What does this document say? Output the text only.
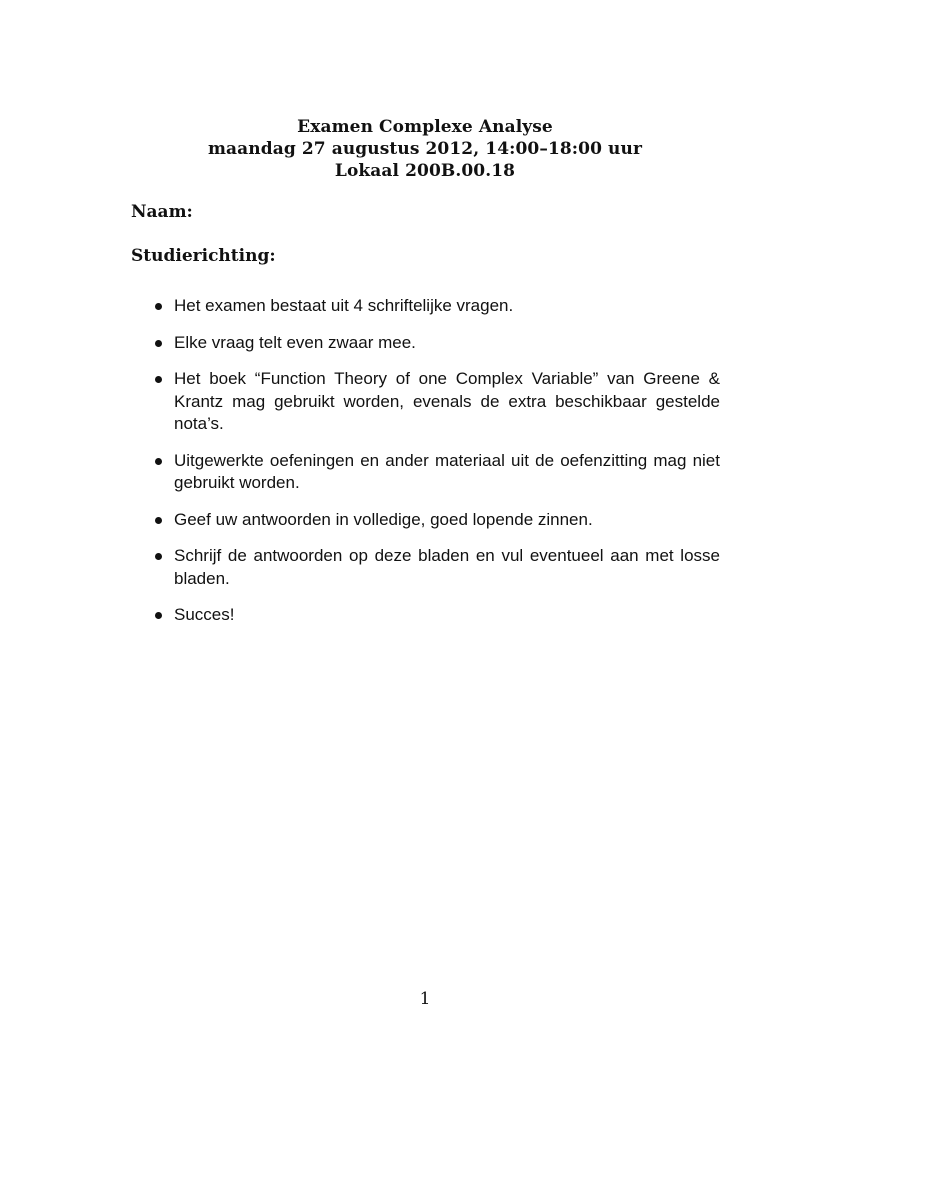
Examen Complexe Analyse
maandag 27 augustus 2012, 14:00–18:00 uur
Lokaal 200B.00.18
Naam:
Studierichting:
Het examen bestaat uit 4 schriftelijke vragen.
Elke vraag telt even zwaar mee.
Het boek “Function Theory of one Complex Variable” van Greene & Krantz mag gebruikt worden, evenals de extra beschikbaar gestelde nota’s.
Uitgewerkte oefeningen en ander materiaal uit de oefenzitting mag niet gebruikt worden.
Geef uw antwoorden in volledige, goed lopende zinnen.
Schrijf de antwoorden op deze bladen en vul eventueel aan met losse bladen.
Succes!
1
